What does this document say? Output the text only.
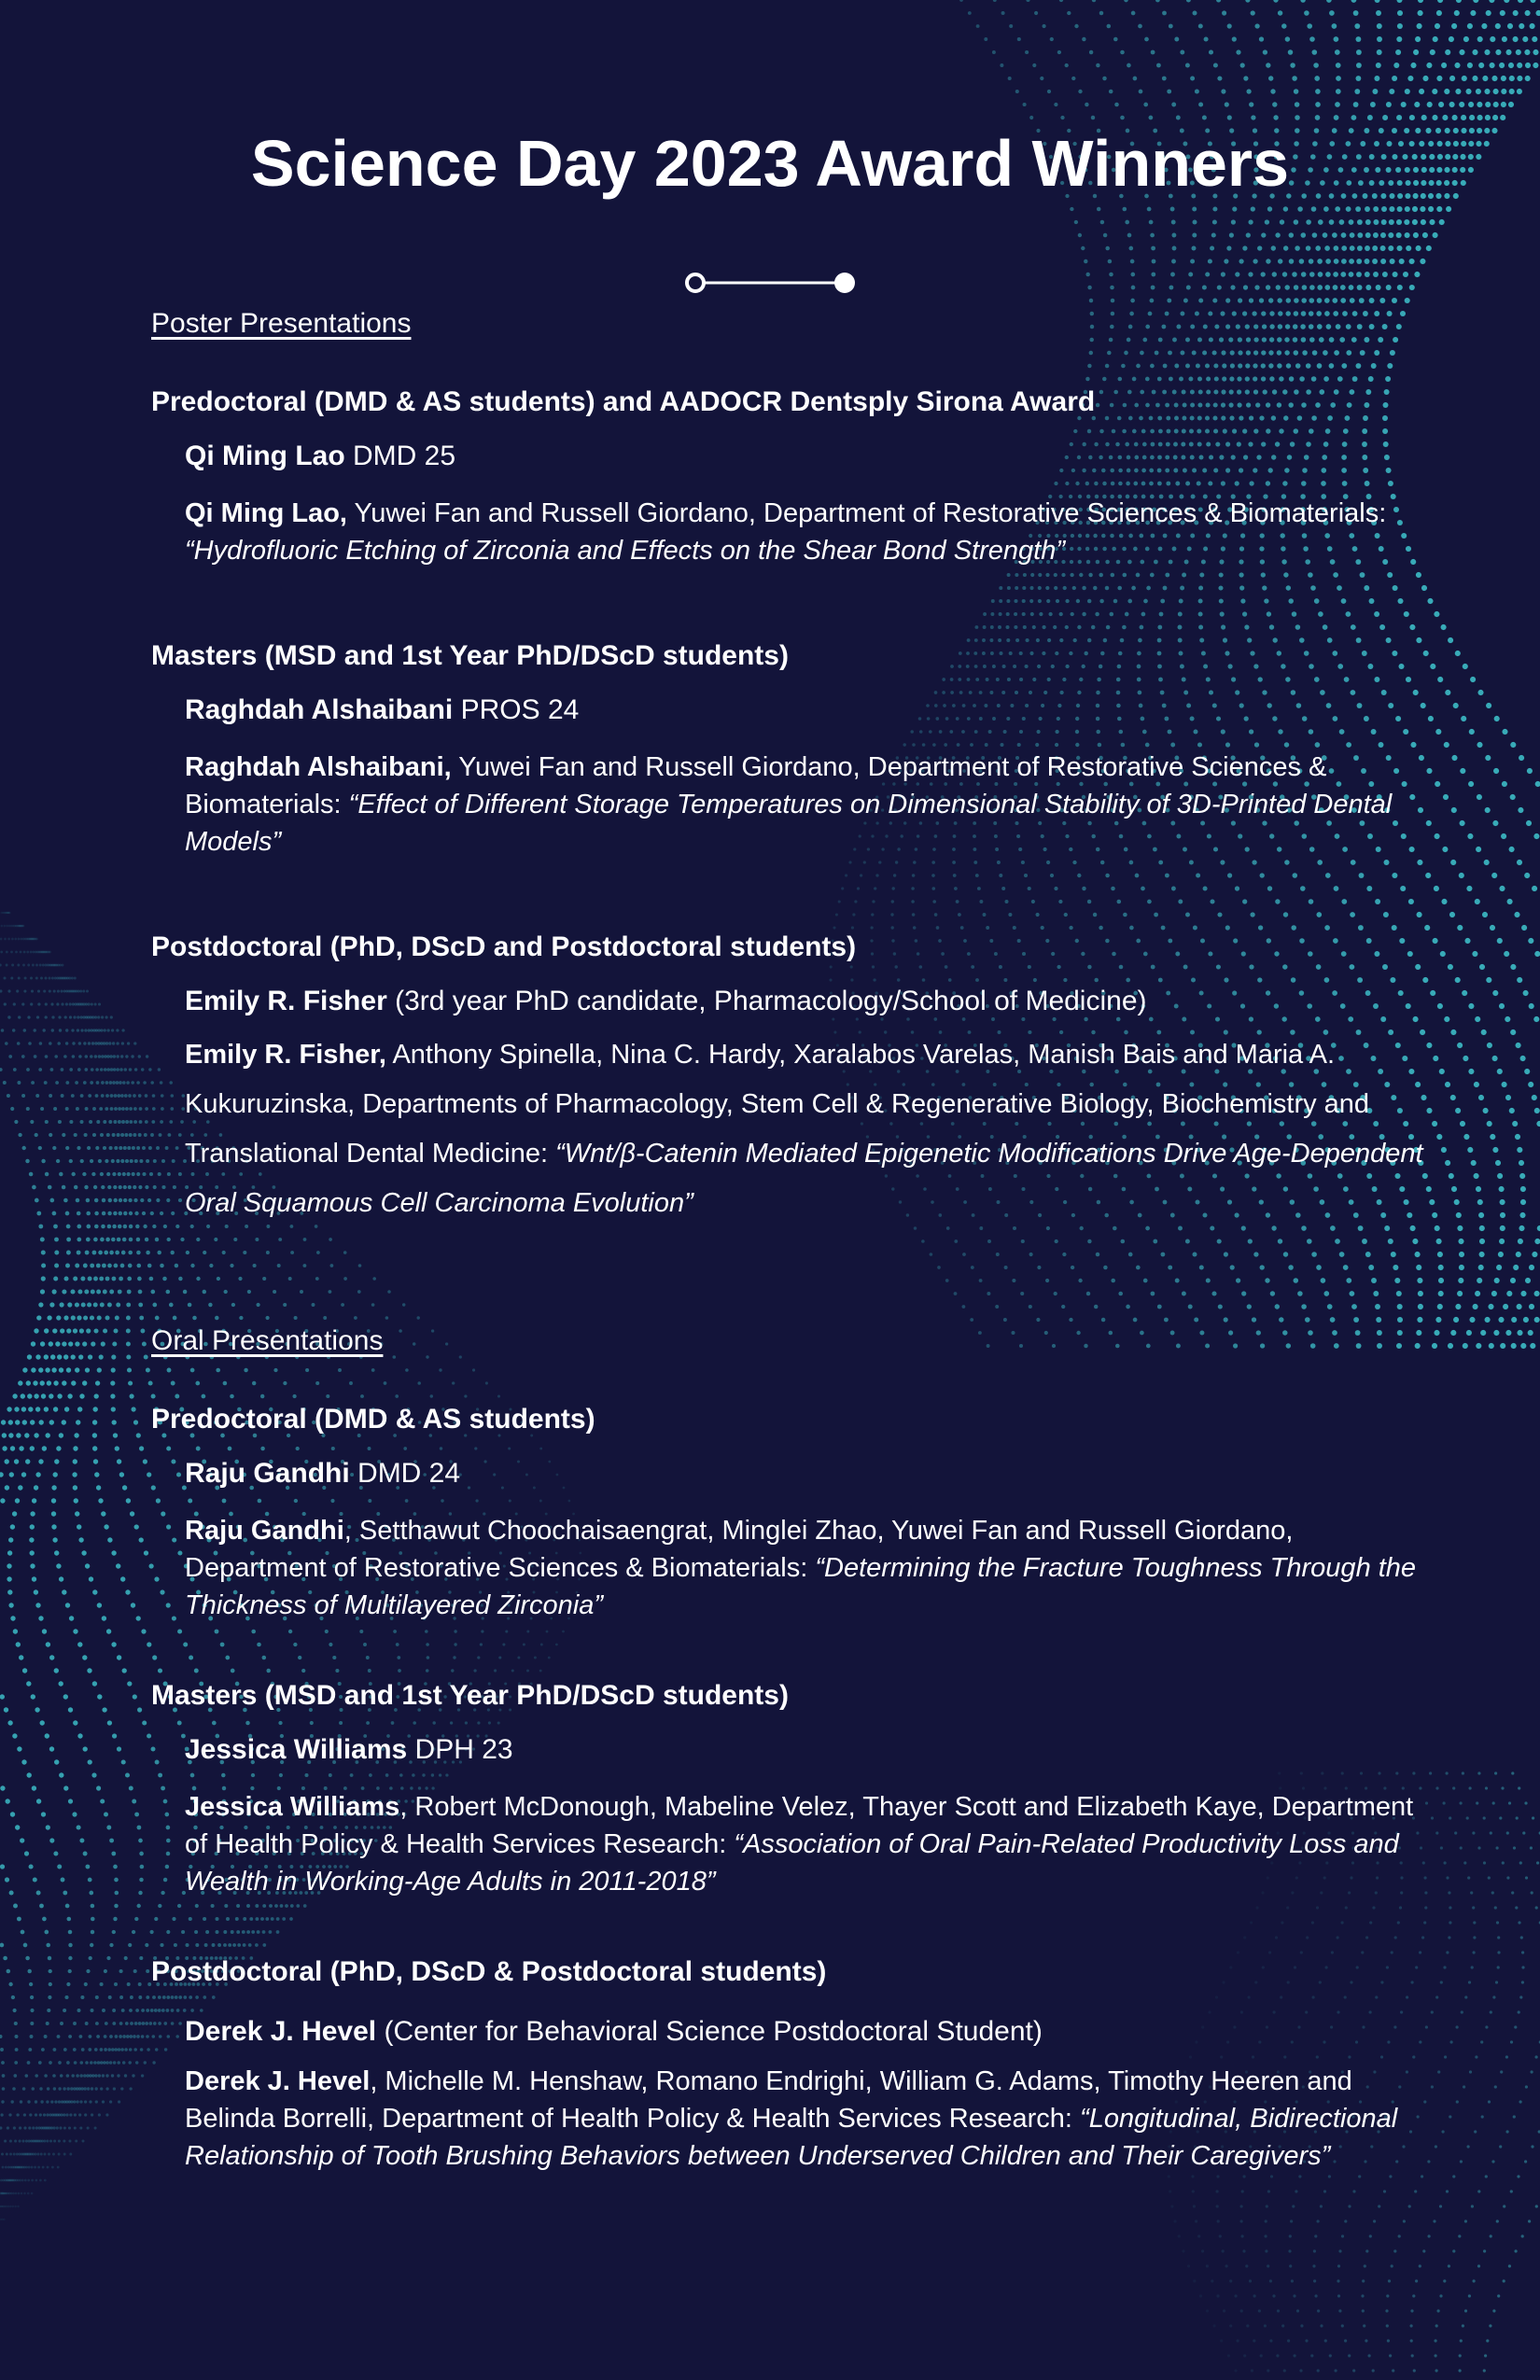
Science Day 2023 Award Winners
Poster Presentations

Predoctoral (DMD & AS students) and AADOCR Dentsply Sirona Award

Qi Ming Lao DMD 25

Qi Ming Lao, Yuwei Fan and Russell Giordano, Department of Restorative Sciences & Biomaterials: “Hydrofluoric Etching of Zirconia and Effects on the Shear Bond Strength”

Masters (MSD and 1st Year PhD/DScD students)

Raghdah Alshaibani PROS 24

Raghdah Alshaibani, Yuwei Fan and Russell Giordano, Department of Restorative Sciences & Biomaterials: “Effect of Different Storage Temperatures on Dimensional Stability of 3D-Printed Dental Models”

Postdoctoral (PhD, DScD and Postdoctoral students)

Emily R. Fisher (3rd year PhD candidate, Pharmacology/School of Medicine)

Emily R. Fisher, Anthony Spinella, Nina C. Hardy, Xaralabos Varelas, Manish Bais and Maria A. Kukuruzinska, Departments of Pharmacology, Stem Cell & Regenerative Biology, Biochemistry and Translational Dental Medicine: “Wnt/β-Catenin Mediated Epigenetic Modifications Drive Age-Dependent Oral Squamous Cell Carcinoma Evolution”

Oral Presentations

Predoctoral (DMD & AS students)

Raju Gandhi DMD 24

Raju Gandhi, Setthawut Choochaisaengrat, Minglei Zhao, Yuwei Fan and Russell Giordano, Department of Restorative Sciences & Biomaterials: “Determining the Fracture Toughness Through the Thickness of Multilayered Zirconia”

Masters (MSD and 1st Year PhD/DScD students)

Jessica Williams DPH 23

Jessica Williams, Robert McDonough, Mabeline Velez, Thayer Scott and Elizabeth Kaye, Department of Health Policy & Health Services Research: “Association of Oral Pain-Related Productivity Loss and Wealth in Working-Age Adults in 2011-2018”

Postdoctoral (PhD, DScD & Postdoctoral students)

Derek J. Hevel (Center for Behavioral Science Postdoctoral Student)

Derek J. Hevel, Michelle M. Henshaw, Romano Endrighi, William G. Adams, Timothy Heeren and Belinda Borrelli, Department of Health Policy & Health Services Research: “Longitudinal, Bidirectional Relationship of Tooth Brushing Behaviors between Underserved Children and Their Caregivers”
